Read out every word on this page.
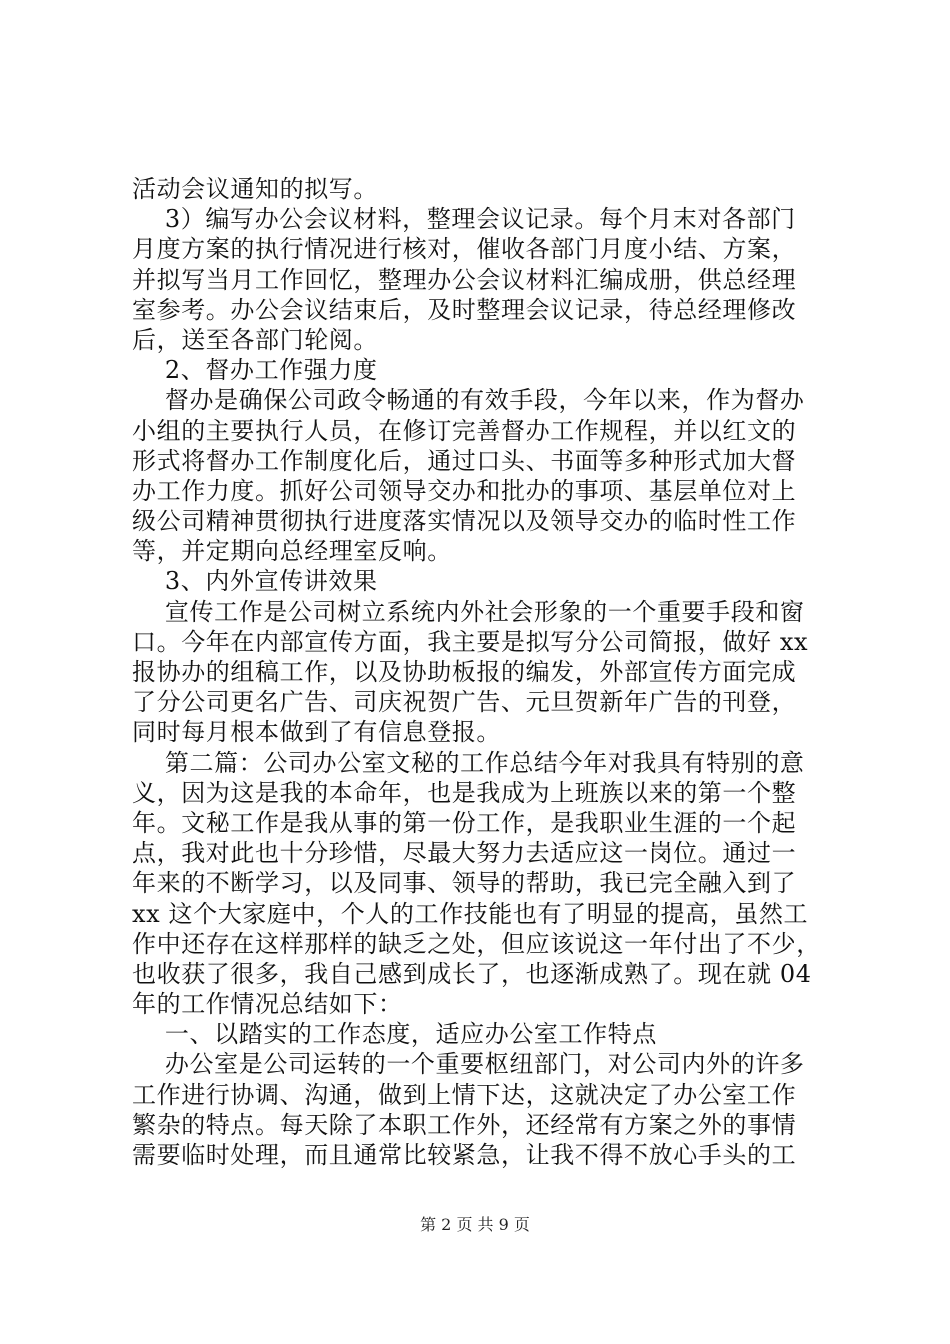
活动会议通知的拟写。
3）编写办公会议材料，整理会议记录。每个月末对各部门
月度方案的执行情况进行核对，催收各部门月度小结、方案，
并拟写当月工作回忆，整理办公会议材料汇编成册，供总经理
室参考。办公会议结束后，及时整理会议记录，待总经理修改
后，送至各部门轮阅。
2、督办工作强力度
督办是确保公司政令畅通的有效手段，今年以来，作为督办
小组的主要执行人员，在修订完善督办工作规程，并以红文的
形式将督办工作制度化后，通过口头、书面等多种形式加大督
办工作力度。抓好公司领导交办和批办的事项、基层单位对上
级公司精神贯彻执行进度落实情况以及领导交办的临时性工作
等，并定期向总经理室反响。
3、内外宣传讲效果
宣传工作是公司树立系统内外社会形象的一个重要手段和窗
口。今年在内部宣传方面，我主要是拟写分公司简报，做好 xx
报协办的组稿工作，以及协助板报的编发，外部宣传方面完成
了分公司更名广告、司庆祝贺广告、元旦贺新年广告的刊登，
同时每月根本做到了有信息登报。
第二篇：公司办公室文秘的工作总结今年对我具有特别的意
义，因为这是我的本命年，也是我成为上班族以来的第一个整
年。文秘工作是我从事的第一份工作，是我职业生涯的一个起
点，我对此也十分珍惜，尽最大努力去适应这一岗位。通过一
年来的不断学习，以及同事、领导的帮助，我已完全融入到了
xx 这个大家庭中，个人的工作技能也有了明显的提高，虽然工
作中还存在这样那样的缺乏之处，但应该说这一年付出了不少，
也收获了很多，我自己感到成长了，也逐渐成熟了。现在就 04
年的工作情况总结如下：
一、以踏实的工作态度，适应办公室工作特点
办公室是公司运转的一个重要枢纽部门，对公司内外的许多
工作进行协调、沟通，做到上情下达，这就决定了办公室工作
繁杂的特点。每天除了本职工作外，还经常有方案之外的事情
需要临时处理，而且通常比较紧急，让我不得不放心手头的工
第 2 页 共 9 页
